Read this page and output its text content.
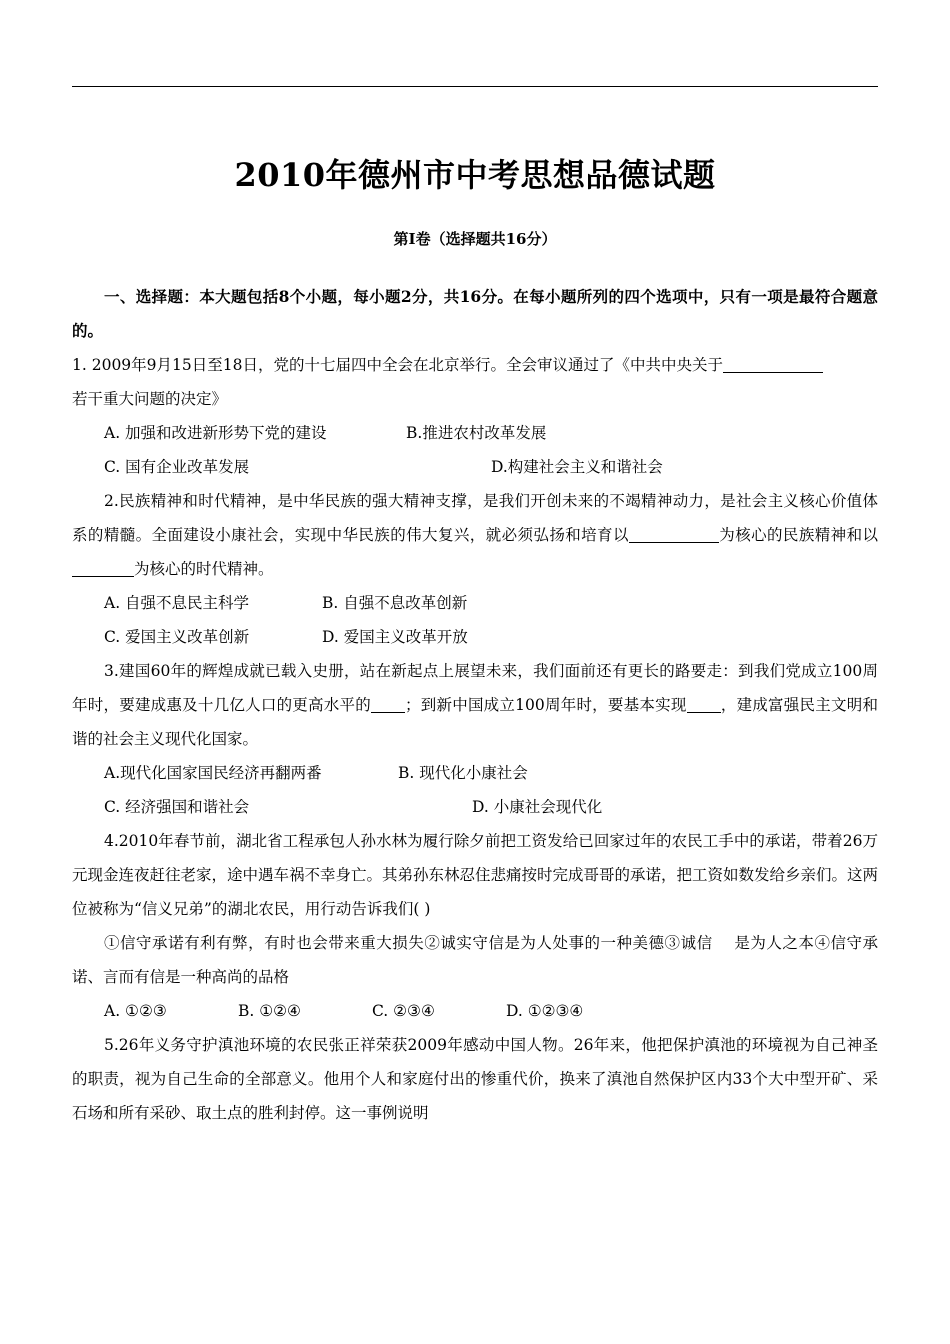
2010年德州市中考思想品德试题
第Ⅰ卷（选择题共16分）
一、选择题：本大题包括8个小题，每小题2分，共16分。在每小题所列的四个选项中，只有一项是最符合题意的。
1. 2009年9月15日至18日，党的十七届四中全会在北京举行。全会审议通过了《中共中央关于
若干重大问题的决定》
A. 加强和改进新形势下党的建设	B.推进农村改革发展
C. 国有企业改革发展	D.构建社会主义和谐社会
2.民族精神和时代精神，是中华民族的强大精神支撑，是我们开创未来的不竭精神动力，是社会主义核心价值体系的精髓。全面建设小康社会，实现中华民族的伟大复兴，就必须弘扬和培育以	为核心的民族精神和以为核心的时代精神。
A. 自强不息民主科学	B. 自强不息改革创新
C. 爱国主义改革创新	D. 爱国主义改革开放
3.建国60年的辉煌成就已载入史册，站在新起点上展望未来，我们面前还有更长的路要走：到我们党成立100周年时，要建成惠及十几亿人口的更高水平的 ；到新中国成立100周年时，要基本实现 ，建成富强民主文明和谐的社会主义现代化国家。
A.现代化国家国民经济再翻两番	B. 现代化小康社会
C. 经济强国和谐社会	D. 小康社会现代化
4.2010年春节前，湖北省工程承包人孙水林为履行除夕前把工资发给已回家过年的农民工手中的承诺，带着26万元现金连夜赶往老家，途中遇车祸不幸身亡。其弟孙东林忍住悲痛按时完成哥哥的承诺，把工资如数发给乡亲们。这两位被称为“信义兄弟”的湖北农民，用行动告诉我们( )
①信守承诺有利有弊，有时也会带来重大损失②诚实守信是为人处事的一种美德③诚信    是为人之本④信守承诺、言而有信是一种高尚的品格
A. ①②③	B. ①②④	C. ②③④	D. ①②③④
5.26年义务守护滇池环境的农民张正祥荣获2009年感动中国人物。26年来，他把保护滇池的环境视为自己神圣的职责，视为自己生命的全部意义。他用个人和家庭付出的惨重代价，换来了滇池自然保护区内33个大中型开矿、采石场和所有采砂、取土点的胜利封停。这一事例说明
